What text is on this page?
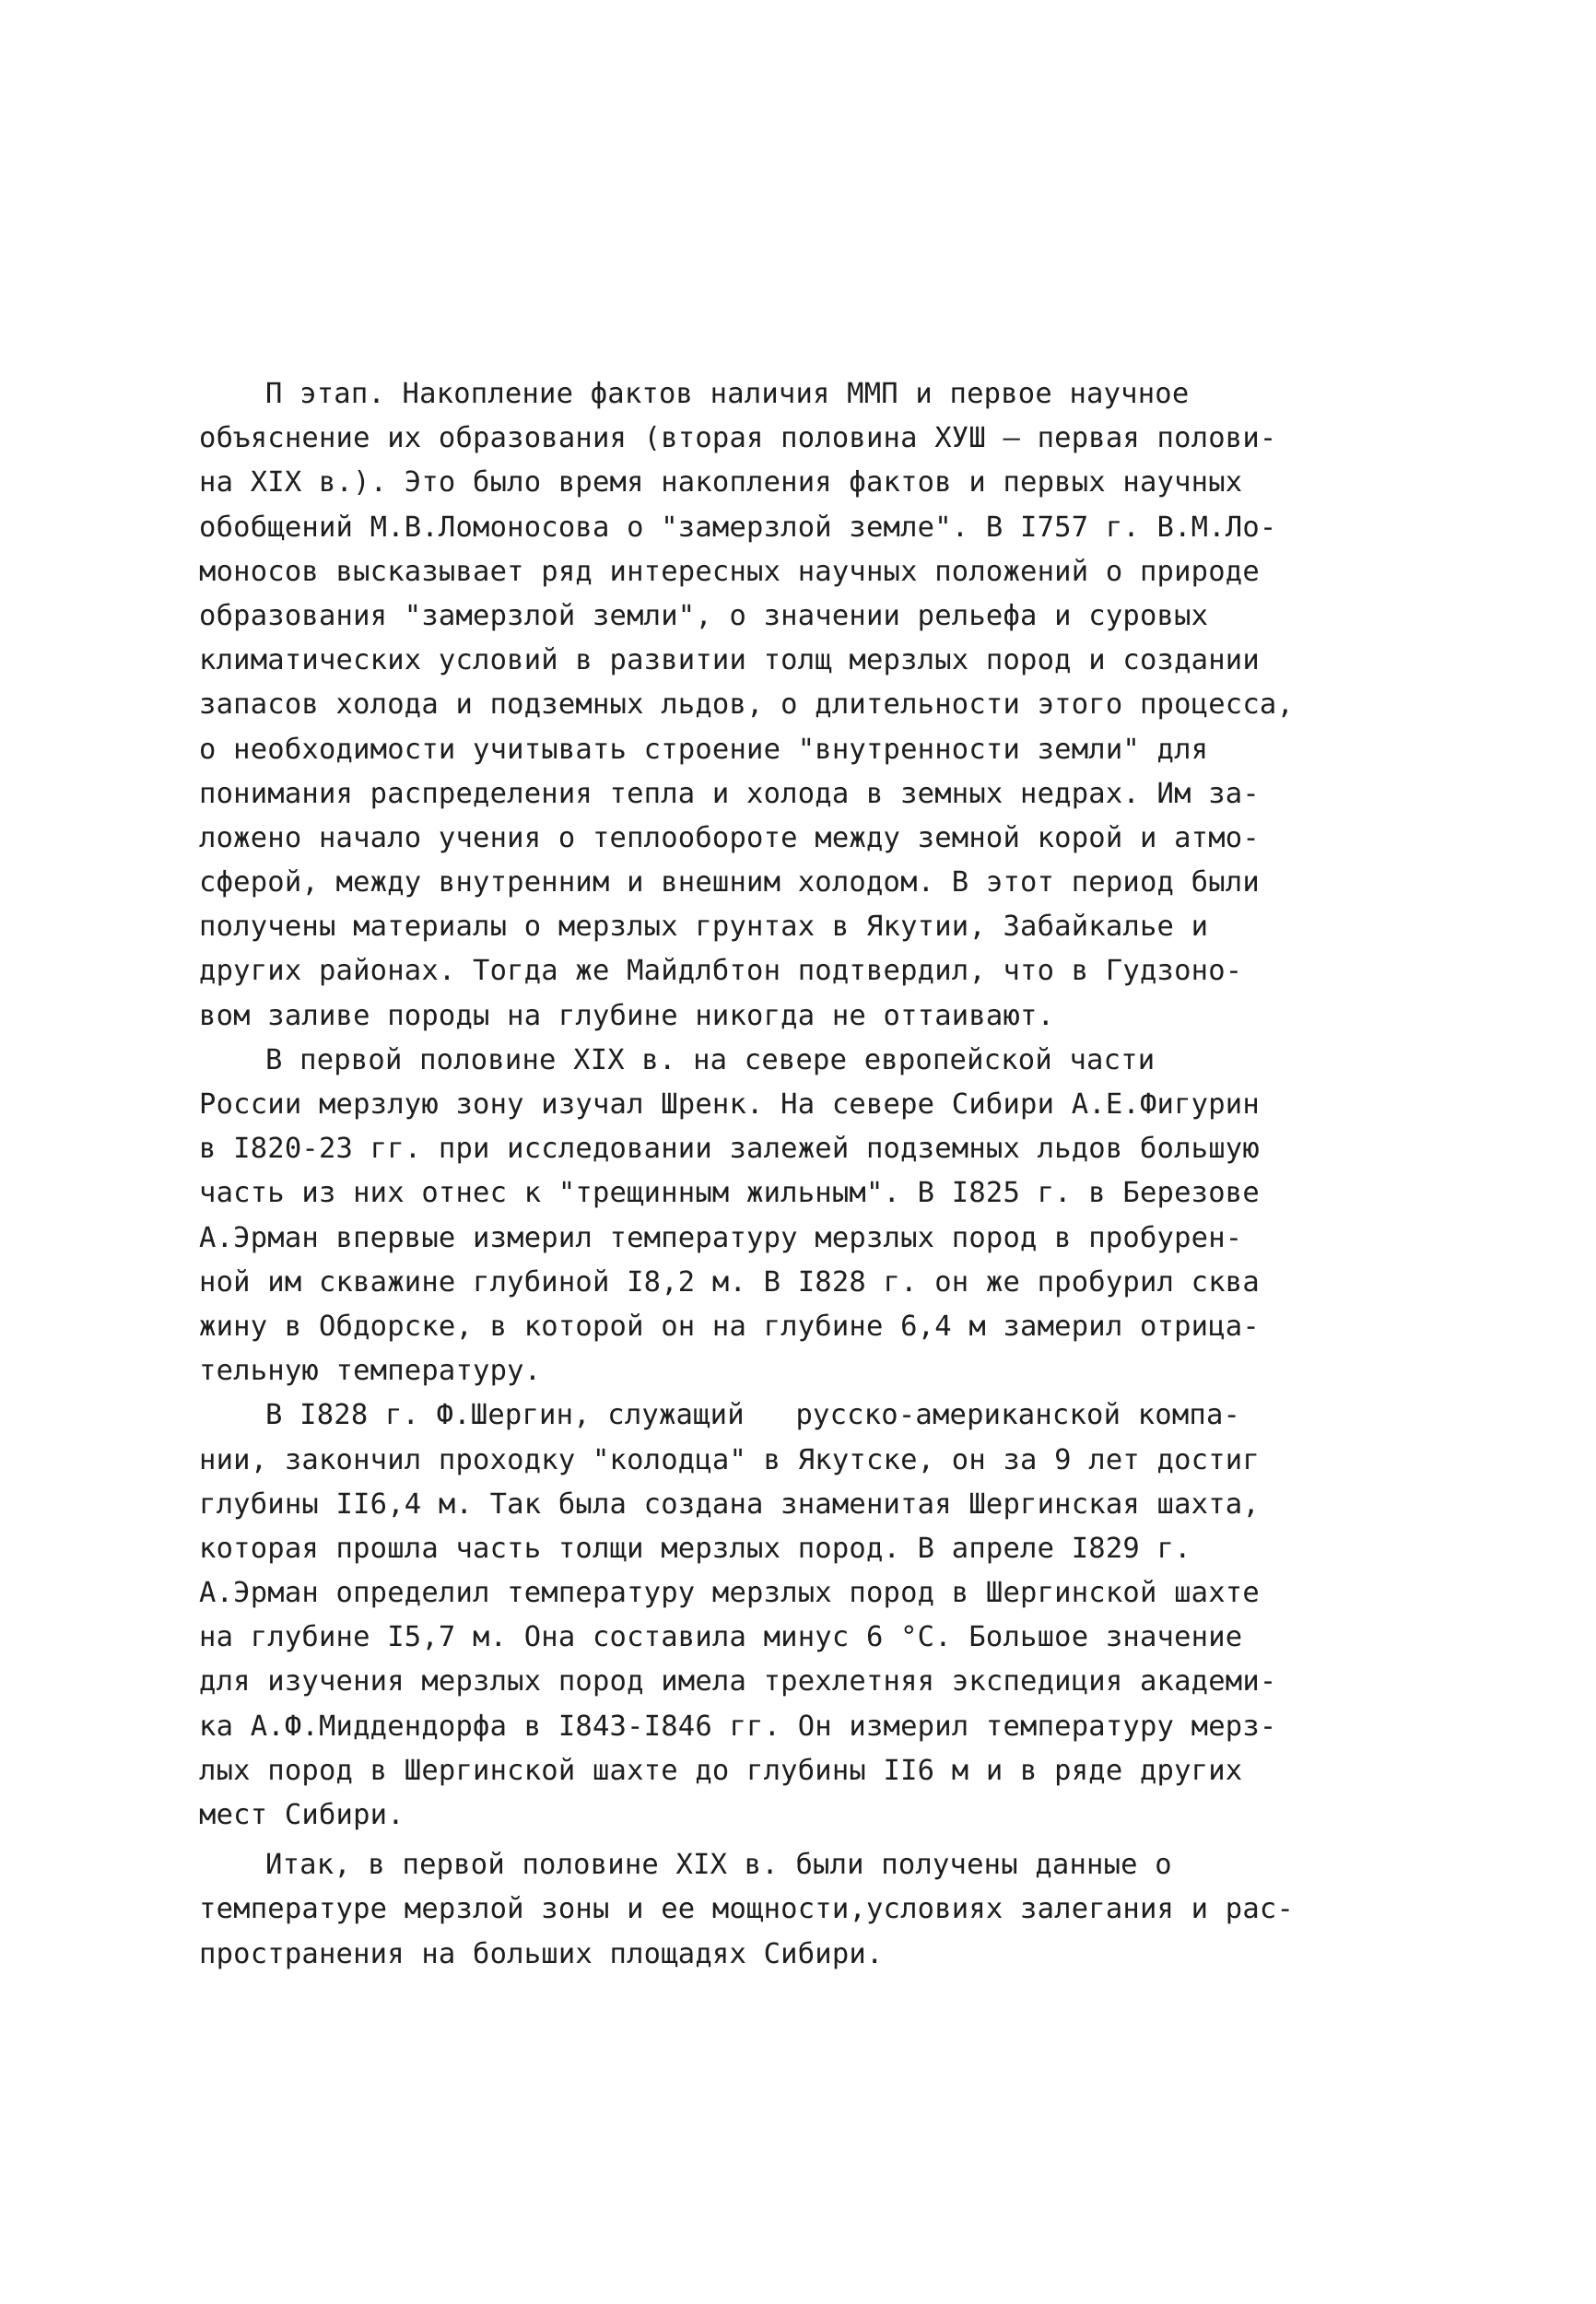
П этап. Накопление фактов наличия ММП и первое научное
объяснение их образования (вторая половина ХУШ – первая полови-
на XIX в.). Это было время накопления фактов и первых научных
обобщений М.В.Ломоносова о "замерзлой земле". В I757 г. В.М.Ло-
моносов высказывает ряд интересных научных положений о природе
образования "замерзлой земли", о значении рельефа и суровых
климатических условий в развитии толщ мерзлых пород и создании
запасов холода и подземных льдов, о длительности этого процесса,
о необходимости учитывать строение "внутренности земли" для
понимания распределения тепла и холода в земных недрах. Им за-
ложено начало учения о теплообороте между земной корой и атмо-
сферой, между внутренним и внешним холодом. В этот период были
получены материалы о мерзлых грунтах в Якутии, Забайкалье и
других районах. Тогда же Майдлбтон подтвердил, что в Гудзоно-
вом заливе породы на глубине никогда не оттаивают.
В первой половине XIX в. на севере европейской части
России мерзлую зону изучал Шренк. На севере Сибири А.Е.Фигурин
в I820-23 гг. при исследовании залежей подземных льдов большую
часть из них отнес к "трещинным жильным". В I825 г. в Березове
А.Эрман впервые измерил температуру мерзлых пород в пробурен-
ной им скважине глубиной I8,2 м. В I828 г. он же пробурил сква
жину в Обдорске, в которой он на глубине 6,4 м замерил отрица-
тельную температуру.
В I828 г. Ф.Шергин, служащий   русско-американской компа-
нии, закончил проходку "колодца" в Якутске, он за 9 лет достиг
глубины II6,4 м. Так была создана знаменитая Шергинская шахта,
которая прошла часть толщи мерзлых пород. В апреле I829 г.
А.Эрман определил температуру мерзлых пород в Шергинской шахте
на глубине I5,7 м. Она составила минус 6 °С. Большое значение
для изучения мерзлых пород имела трехлетняя экспедиция академи-
ка А.Ф.Миддендорфа в I843-I846 гг. Он измерил температуру мерз-
лых пород в Шергинской шахте до глубины II6 м и в ряде других
мест Сибири.
Итак, в первой половине XIX в. были получены данные о
температуре мерзлой зоны и ее мощности,условиях залегания и рас-
пространения на больших площадях Сибири.
